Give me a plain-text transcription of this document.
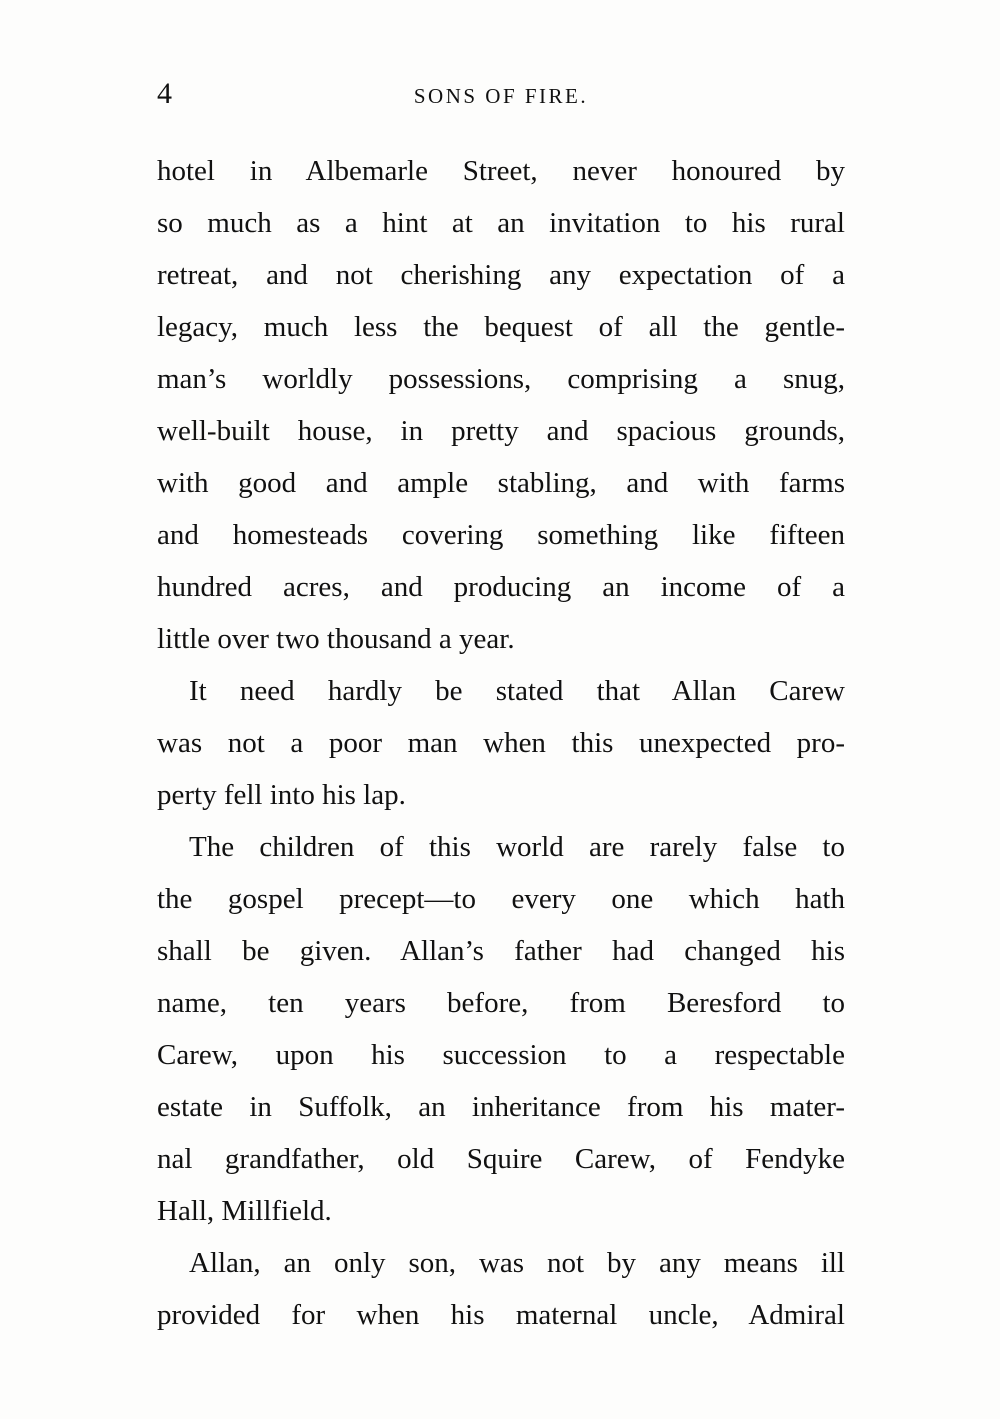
4	SONS OF FIRE.
hotel in Albemarle Street, never honoured by
so much as a hint at an invitation to his rural
retreat, and not cherishing any expectation of a
legacy, much less the bequest of all the gentle-
man’s worldly possessions, comprising a snug,
well-built house, in pretty and spacious grounds,
with good and ample stabling, and with farms
and homesteads covering something like fifteen
hundred acres, and producing an income of a
little over two thousand a year.
It need hardly be stated that Allan Carew
was not a poor man when this unexpected pro-
perty fell into his lap.
The children of this world are rarely false to
the gospel precept—to every one which hath
shall be given. Allan’s father had changed his
name, ten years before, from Beresford to
Carew, upon his succession to a respectable
estate in Suffolk, an inheritance from his mater-
nal grandfather, old Squire Carew, of Fendyke
Hall, Millfield.
Allan, an only son, was not by any means ill
provided for when his maternal uncle, Admiral
